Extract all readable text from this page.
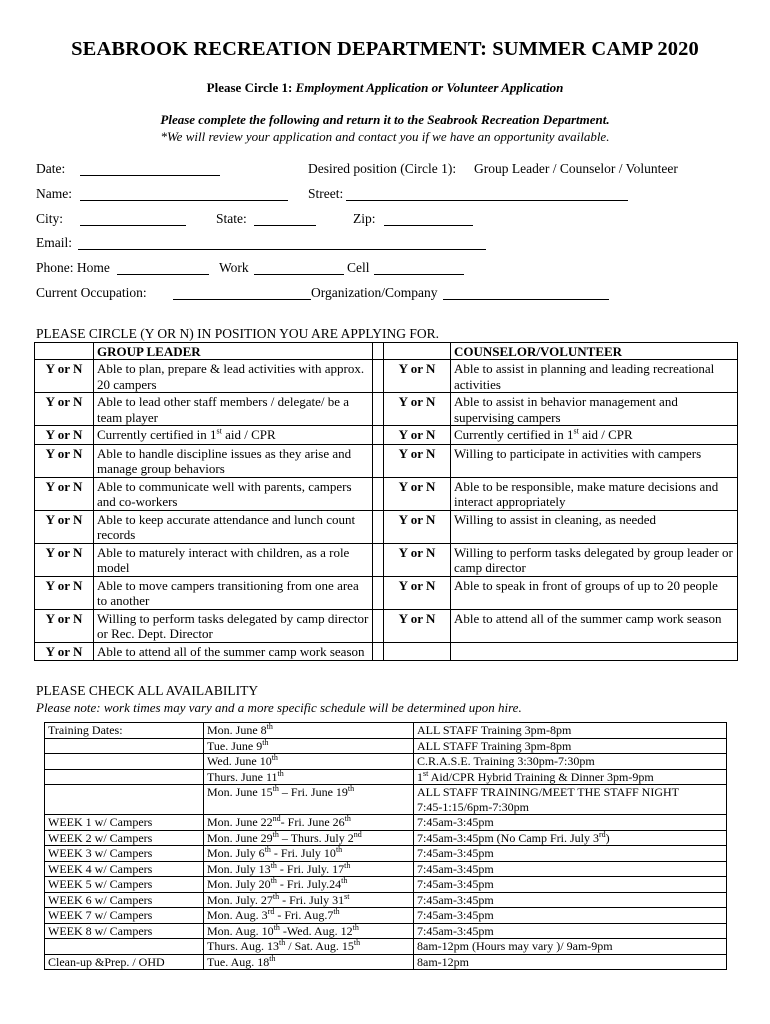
SEABROOK RECREATION DEPARTMENT: SUMMER CAMP 2020
Please Circle 1: Employment Application or Volunteer Application
Please complete the following and return it to the Seabrook Recreation Department.
*We will review your application and contact you if we have an opportunity available.
Date:	Desired position (Circle 1): Group Leader / Counselor / Volunteer
Name:	Street:
City:	State:	Zip:
Email:
Phone: Home	Work	Cell
Current Occupation:	Organization/Company
PLEASE CIRCLE (Y OR N) IN POSITION YOU ARE APPLYING FOR.
	GROUP LEADER			COUNSELOR/VOLUNTEER
Y or N	Able to plan, prepare & lead activities with approx. 20 campers		Y or N	Able to assist in planning and leading recreational activities
Y or N	Able to lead other staff members / delegate/ be a team player		Y or N	Able to assist in behavior management and supervising campers
Y or N	Currently certified in 1st aid / CPR		Y or N	Currently certified in 1st aid / CPR
Y or N	Able to handle discipline issues as they arise and manage group behaviors		Y or N	Willing to participate in activities with campers
Y or N	Able to communicate well with parents, campers and co-workers		Y or N	Able to be responsible, make mature decisions and interact appropriately
Y or N	Able to keep accurate attendance and lunch count records		Y or N	Willing to assist in cleaning, as needed
Y or N	Able to maturely interact with children, as a role model		Y or N	Willing to perform tasks delegated by group leader or camp director
Y or N	Able to move campers transitioning from one area to another		Y or N	Able to speak in front of groups of up to 20 people
Y or N	Willing to perform tasks delegated by camp director or Rec. Dept. Director		Y or N	Able to attend all of the summer camp work season
Y or N	Able to attend all of the summer camp work season			
PLEASE CHECK ALL AVAILABILITY
Please note: work times may vary and a more specific schedule will be determined upon hire.
Training Dates:	Mon. June 8th	ALL STAFF Training 3pm-8pm
	Tue. June 9th	ALL STAFF Training 3pm-8pm
	Wed. June 10th	C.R.A.S.E. Training 3:30pm-7:30pm
	Thurs. June 11th	1st Aid/CPR Hybrid Training & Dinner 3pm-9pm
	Mon. June 15th – Fri. June 19th	ALL STAFF TRAINING/MEET THE STAFF NIGHT
7:45-1:15/6pm-7:30pm
WEEK 1 w/ Campers	Mon. June 22nd- Fri. June 26th	7:45am-3:45pm
WEEK 2 w/ Campers	Mon. June 29th – Thurs. July 2nd	7:45am-3:45pm (No Camp Fri. July 3rd)
WEEK 3 w/ Campers	Mon. July 6th - Fri. July 10th	7:45am-3:45pm
WEEK 4 w/ Campers	Mon. July 13th - Fri. July. 17th	7:45am-3:45pm
WEEK 5 w/ Campers	Mon. July 20th - Fri. July.24th	7:45am-3:45pm
WEEK 6 w/ Campers	Mon. July. 27th - Fri. July 31st	7:45am-3:45pm
WEEK 7 w/ Campers	Mon. Aug. 3rd - Fri. Aug.7th	7:45am-3:45pm
WEEK 8 w/ Campers	Mon. Aug. 10th -Wed. Aug. 12th	7:45am-3:45pm
	Thurs. Aug. 13th / Sat. Aug. 15th	8am-12pm (Hours may vary )/ 9am-9pm
Clean-up &Prep. / OHD	Tue. Aug. 18th	8am-12pm
